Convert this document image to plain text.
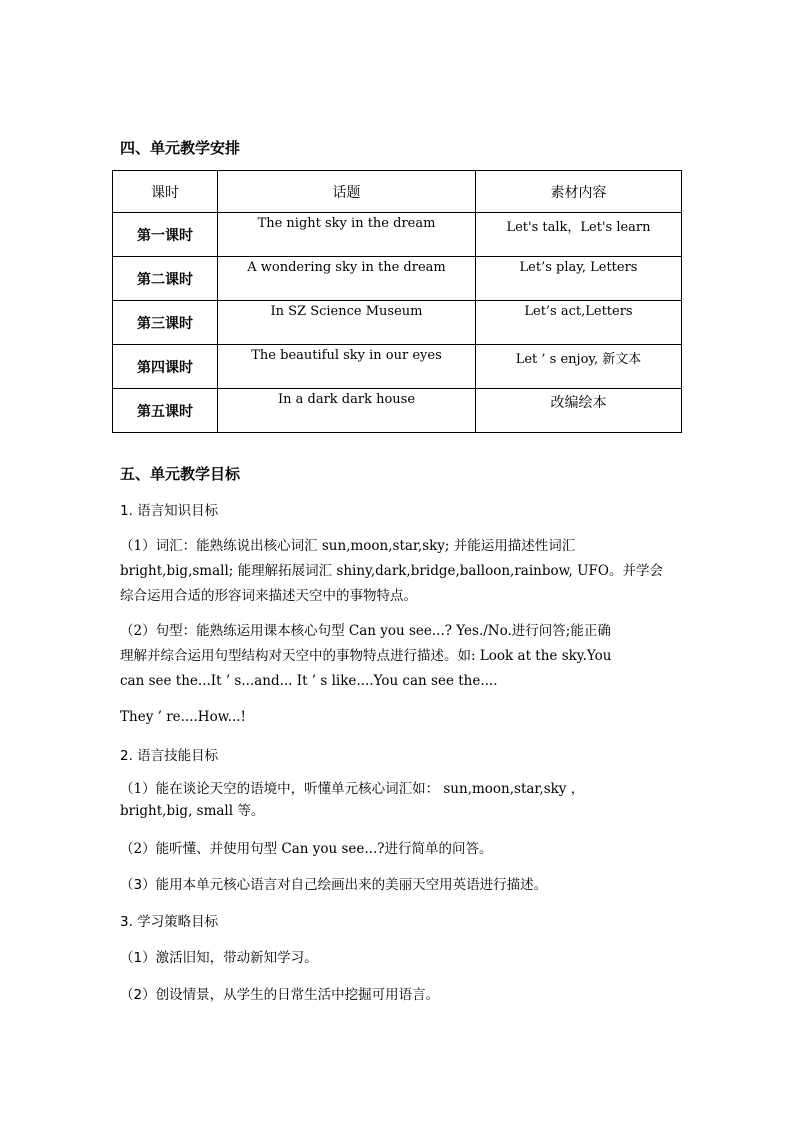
四、单元教学安排
课时	话题	素材内容
第一课时	The night sky in the dream	Let's talk，Let's learn
第二课时	A wondering sky in the dream	Let’s play, Letters
第三课时	In SZ Science Museum	Let’s act,Letters
第四课时	The beautiful sky in our eyes	Let ’ s enjoy, 新文本
第五课时	In a dark dark house	改编绘本
五、单元教学目标
1. 语言知识目标
（1）词汇：能熟练说出核心词汇 sun,moon,star,sky; 并能运用描述性词汇
bright,big,small; 能理解拓展词汇 shiny,dark,bridge,balloon,rainbow, UFO。并学会
综合运用合适的形容词来描述天空中的事物特点。
（2）句型：能熟练运用课本核心句型 Can you see...? Yes./No.进行问答;能正确
理解并综合运用句型结构对天空中的事物特点进行描述。如: Look at the sky.You
can see the...It ’ s...and... It ’ s like....You can see the....
They ’ re....How...!
2. 语言技能目标
（1）能在谈论天空的语境中，听懂单元核心词汇如： sun,moon,star,sky ，
bright,big, small 等。
（2）能听懂、并使用句型 Can you see...?进行简单的问答。
（3）能用本单元核心语言对自己绘画出来的美丽天空用英语进行描述。
3. 学习策略目标
（1）激活旧知，带动新知学习。
（2）创设情景，从学生的日常生活中挖掘可用语言。
